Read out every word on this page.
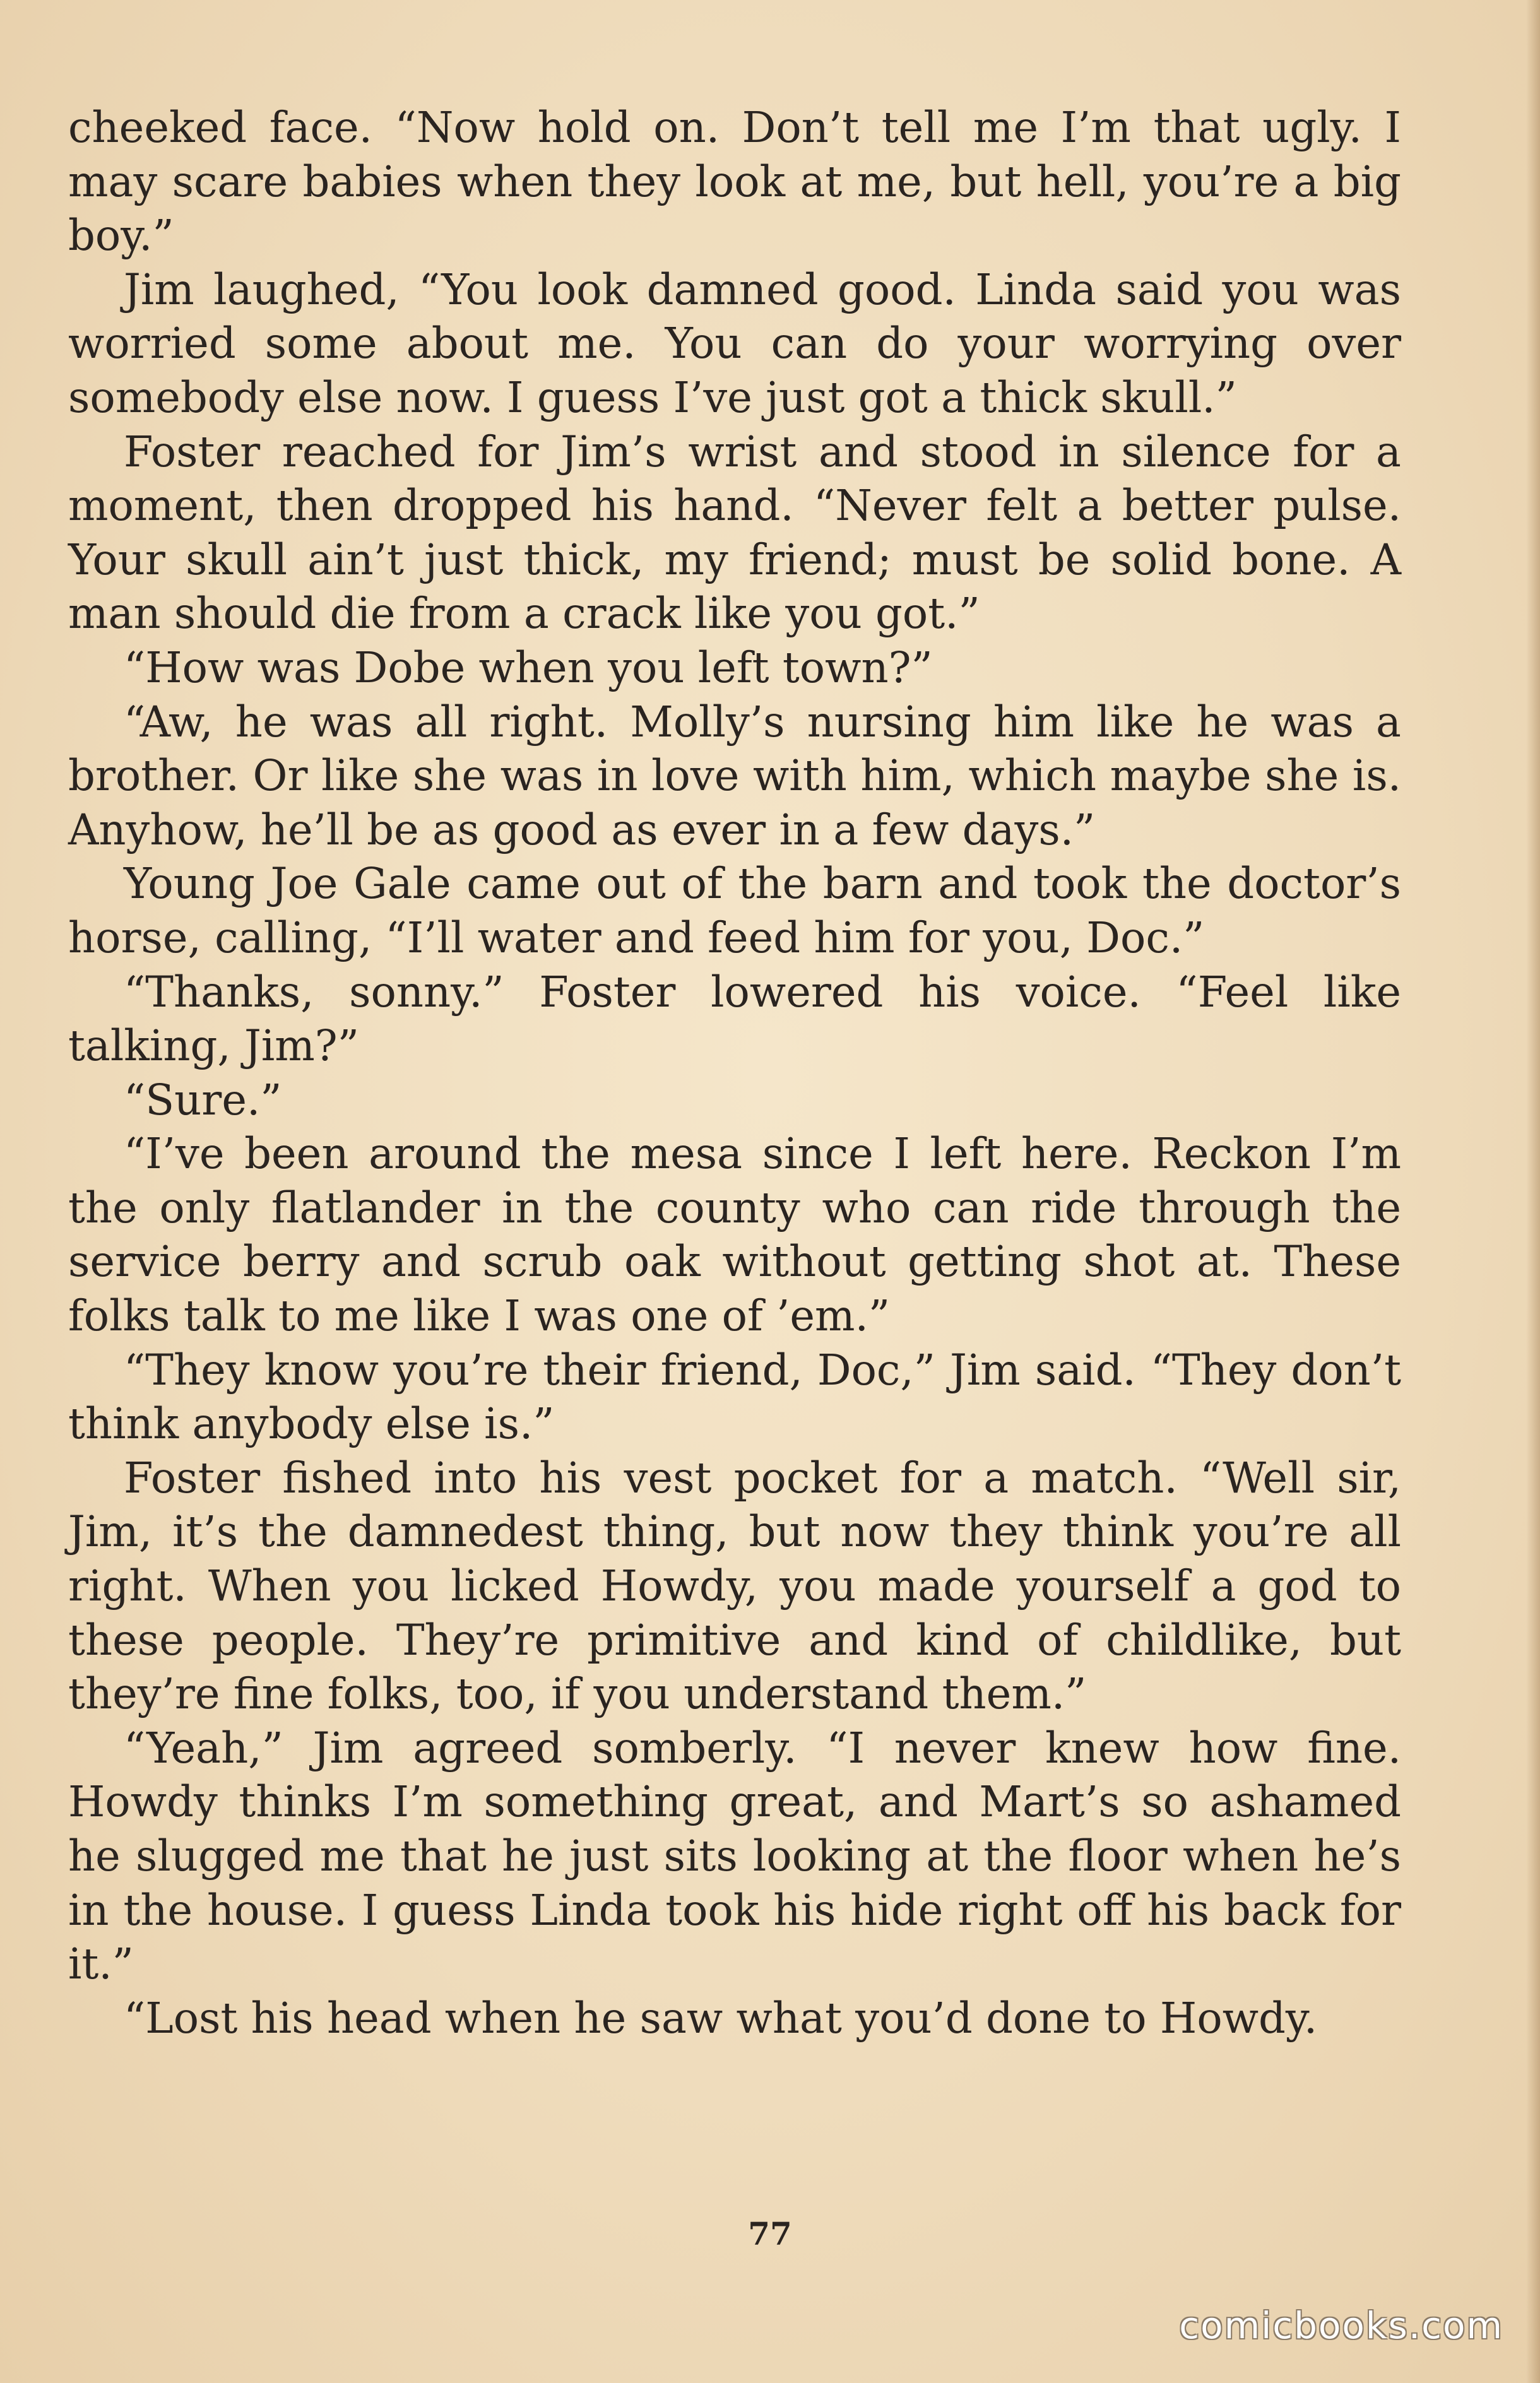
cheeked face. “Now hold on. Don’t tell me I’m that ugly. I may scare babies when they look at me, but hell, you’re a big boy.”

Jim laughed, “You look damned good. Linda said you was worried some about me. You can do your worrying over somebody else now. I guess I’ve just got a thick skull.”

Foster reached for Jim’s wrist and stood in silence for a moment, then dropped his hand. “Never felt a better pulse. Your skull ain’t just thick, my friend; must be solid bone. A man should die from a crack like you got.”

“How was Dobe when you left town?”

“Aw, he was all right. Molly’s nursing him like he was a brother. Or like she was in love with him, which maybe she is. Anyhow, he’ll be as good as ever in a few days.”

Young Joe Gale came out of the barn and took the doctor’s horse, calling, “I’ll water and feed him for you, Doc.”

“Thanks, sonny.” Foster lowered his voice. “Feel like talking, Jim?”

“Sure.”

“I’ve been around the mesa since I left here. Reckon I’m the only flatlander in the county who can ride through the service berry and scrub oak without getting shot at. These folks talk to me like I was one of ’em.”

“They know you’re their friend, Doc,” Jim said. “They don’t think anybody else is.”

Foster fished into his vest pocket for a match. “Well sir, Jim, it’s the damnedest thing, but now they think you’re all right. When you licked Howdy, you made yourself a god to these people. They’re primitive and kind of childlike, but they’re fine folks, too, if you understand them.”

“Yeah,” Jim agreed somberly. “I never knew how fine. Howdy thinks I’m something great, and Mart’s so ashamed he slugged me that he just sits looking at the floor when he’s in the house. I guess Linda took his hide right off his back for it.”

“Lost his head when he saw what you’d done to Howdy.

77
comicbooks.com
